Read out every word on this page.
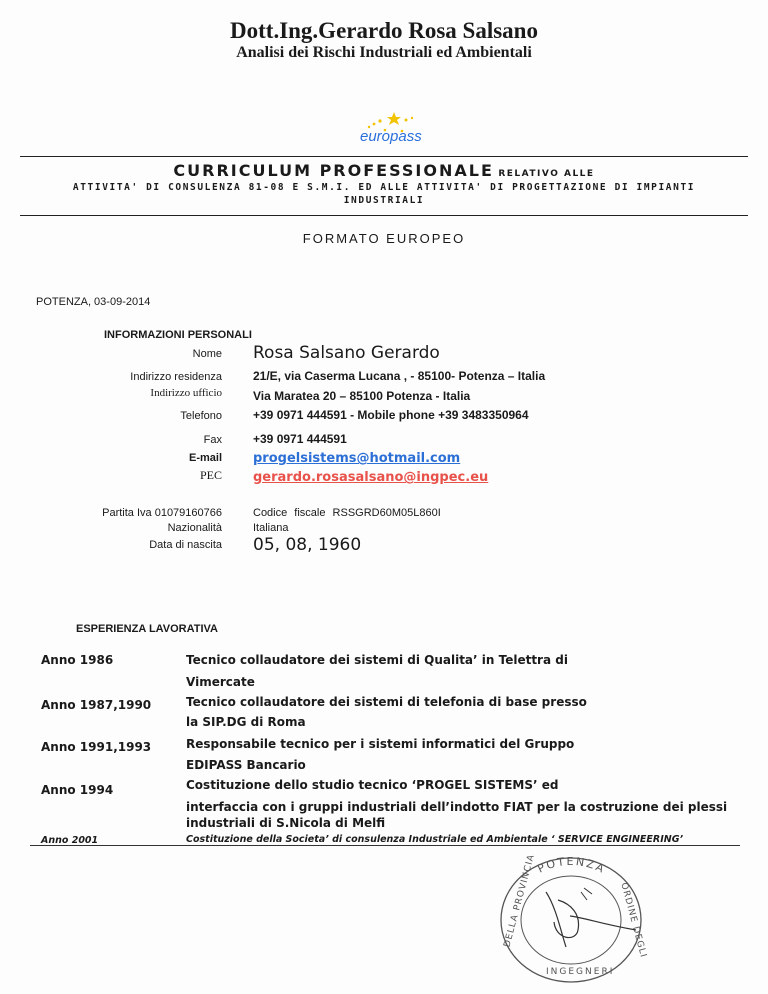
Dott.Ing.Gerardo Rosa Salsano
Analisi dei Rischi Industriali ed Ambientali
europass
CURRICULUM PROFESSIONALE RELATIVO ALLE
ATTIVITA' DI CONSULENZA 81-08 E S.M.I. ED ALLE ATTIVITA' DI PROGETTAZIONE DI IMPIANTI
INDUSTRIALI
FORMATO EUROPEO
POTENZA, 03-09-2014
INFORMAZIONI PERSONALI
Nome Rosa Salsano Gerardo
Indirizzo residenza	21/E, via Caserma Lucana , - 85100- Potenza – Italia
Indirizzo ufficio	Via Maratea 20 – 85100 Potenza - Italia
Telefono	+39 0971 444591 - Mobile phone +39 3483350964
Fax	+39 0971 444591
E-mail progelsistems@hotmail.com
PEC gerardo.rosasalsano@ingpec.eu
Partita Iva 01079160766	Codice fiscale RSSGRD60M05L860I
Nazionalità	Italiana
Data di nascita 05, 08, 1960
ESPERIENZA LAVORATIVA
Anno 1986	Tecnico collaudatore dei sistemi di Qualita’ in Telettra di
Vimercate
Anno 1987,1990	Tecnico collaudatore dei sistemi di telefonia di base presso
la SIP.DG di Roma
Anno 1991,1993	Responsabile tecnico per i sistemi informatici del Gruppo
EDIPASS Bancario
Anno 1994	Costituzione dello studio tecnico ‘PROGEL SISTEMS’ ed
interfaccia con i gruppi industriali dell’indotto FIAT per la costruzione dei plessi
industriali di S.Nicola di Melfi
Anno 2001	Costituzione della Societa’ di consulenza Industriale ed Ambientale ‘ SERVICE ENGINEERING’
POTENZA
DELLA PROVINCIA	ORDINE DEGLI
INGEGNERI
